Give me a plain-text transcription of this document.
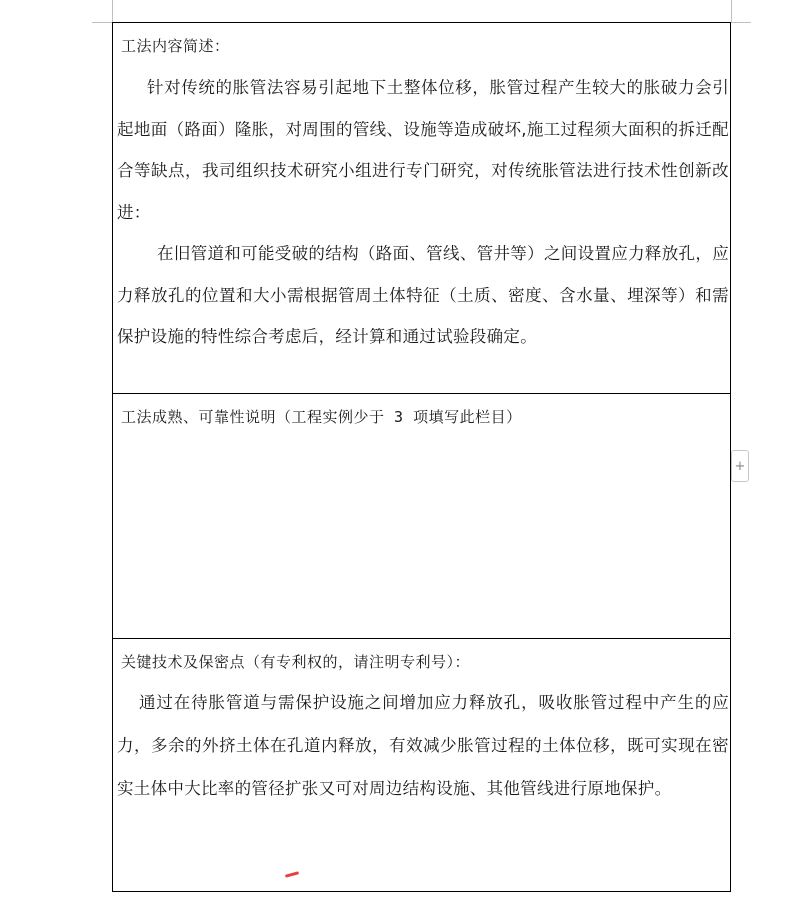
工法内容简述：
针对传统的胀管法容易引起地下土整体位移，胀管过程产生较大的胀破力会引起地面（路面）隆胀，对周围的管线、设施等造成破坏,施工过程须大面积的拆迁配合等缺点，我司组织技术研究小组进行专门研究，对传统胀管法进行技术性创新改进：
在旧管道和可能受破的结构（路面、管线、管井等）之间设置应力释放孔，应力释放孔的位置和大小需根据管周土体特征（土质、密度、含水量、埋深等）和需保护设施的特性综合考虑后，经计算和通过试验段确定。
工法成熟、可靠性说明（工程实例少于 3 项填写此栏目）
关键技术及保密点（有专利权的，请注明专利号）：
通过在待胀管道与需保护设施之间增加应力释放孔，吸收胀管过程中产生的应力，多余的外挤土体在孔道内释放，有效减少胀管过程的土体位移，既可实现在密实土体中大比率的管径扩张又可对周边结构设施、其他管线进行原地保护。
+
